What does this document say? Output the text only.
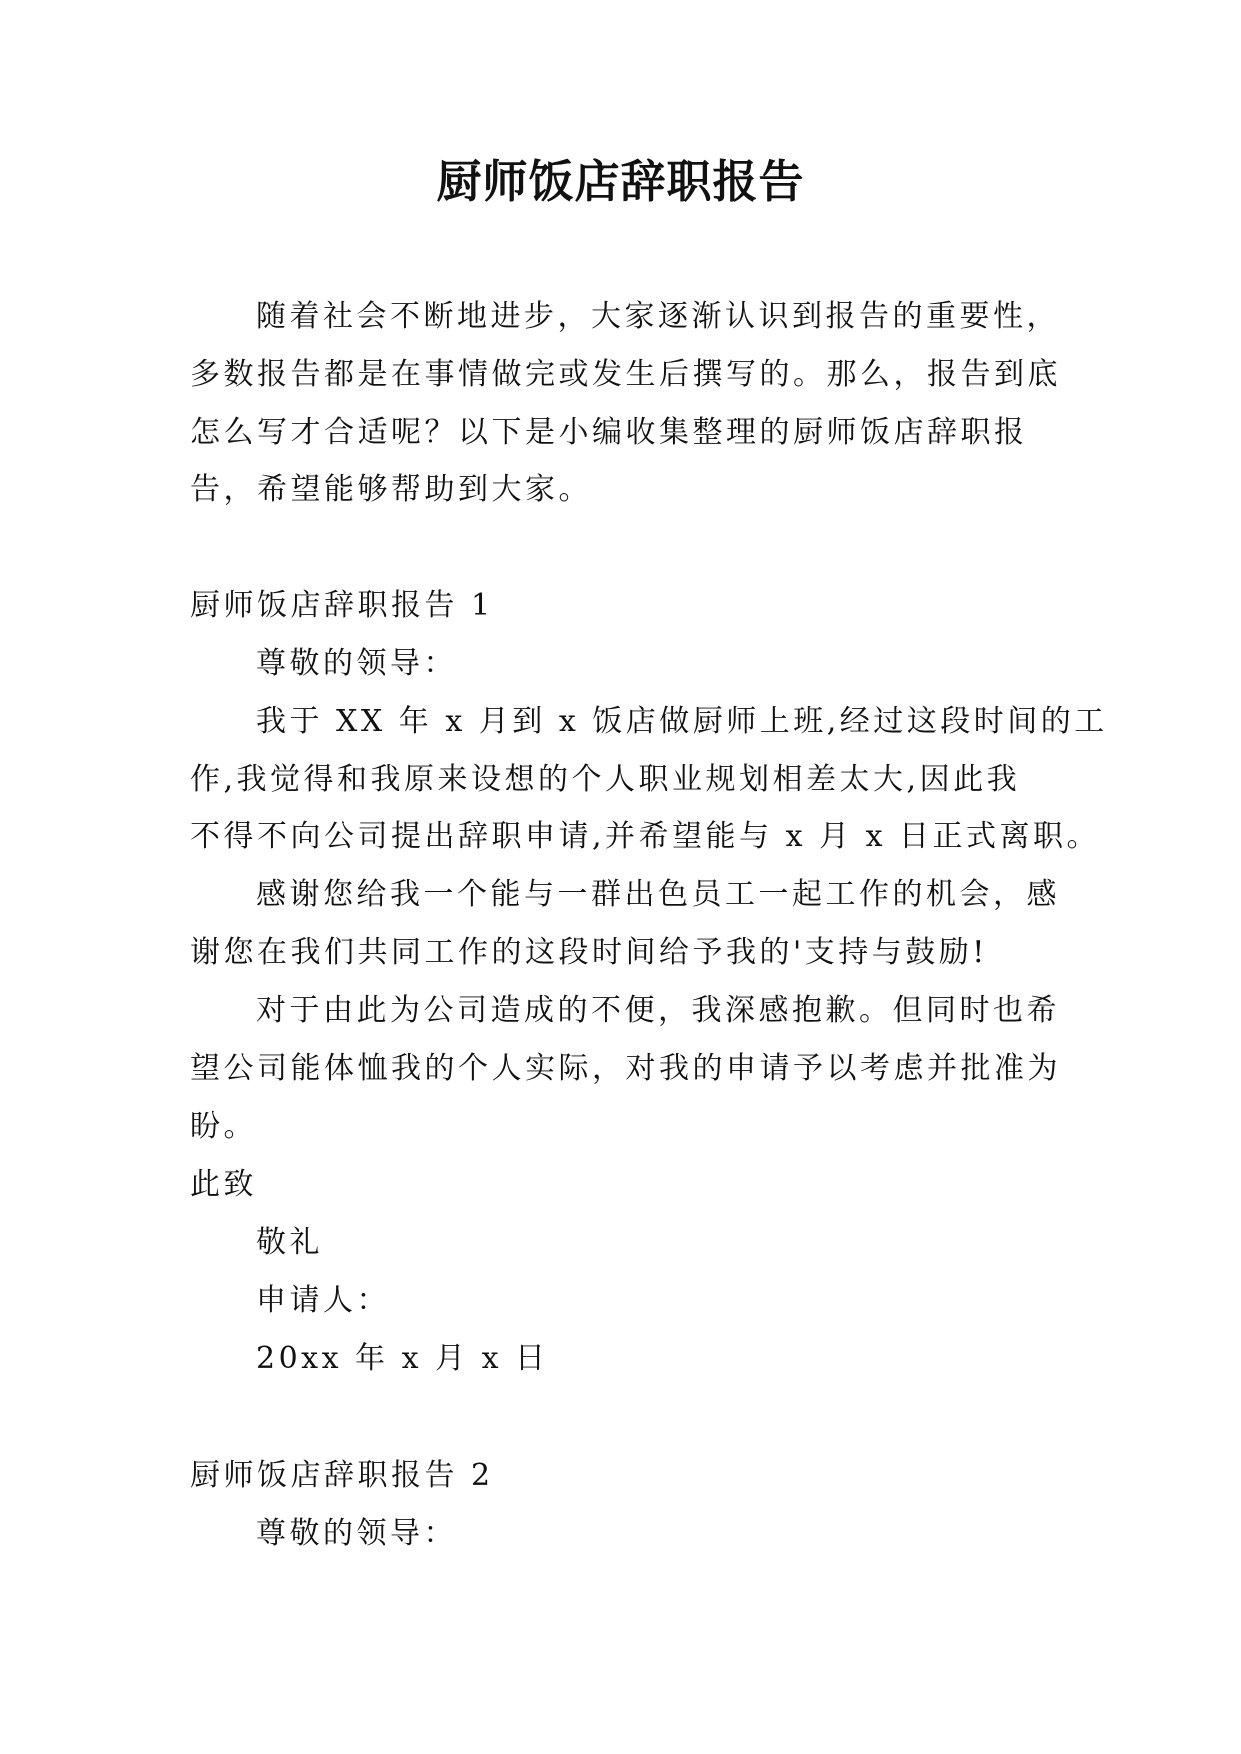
厨师饭店辞职报告
随着社会不断地进步，大家逐渐认识到报告的重要性，
多数报告都是在事情做完或发生后撰写的。那么，报告到底
怎么写才合适呢？以下是小编收集整理的厨师饭店辞职报
告，希望能够帮助到大家。
厨师饭店辞职报告 1
尊敬的领导：
我于 XX 年 x 月到 x 饭店做厨师上班,经过这段时间的工
作,我觉得和我原来设想的个人职业规划相差太大,因此我
不得不向公司提出辞职申请,并希望能与 x 月 x 日正式离职。
感谢您给我一个能与一群出色员工一起工作的机会，感
谢您在我们共同工作的这段时间给予我的'支持与鼓励!
对于由此为公司造成的不便，我深感抱歉。但同时也希
望公司能体恤我的个人实际，对我的申请予以考虑并批准为
盼。
此致
敬礼
申请人：
20xx 年 x 月 x 日
厨师饭店辞职报告 2
尊敬的领导：
